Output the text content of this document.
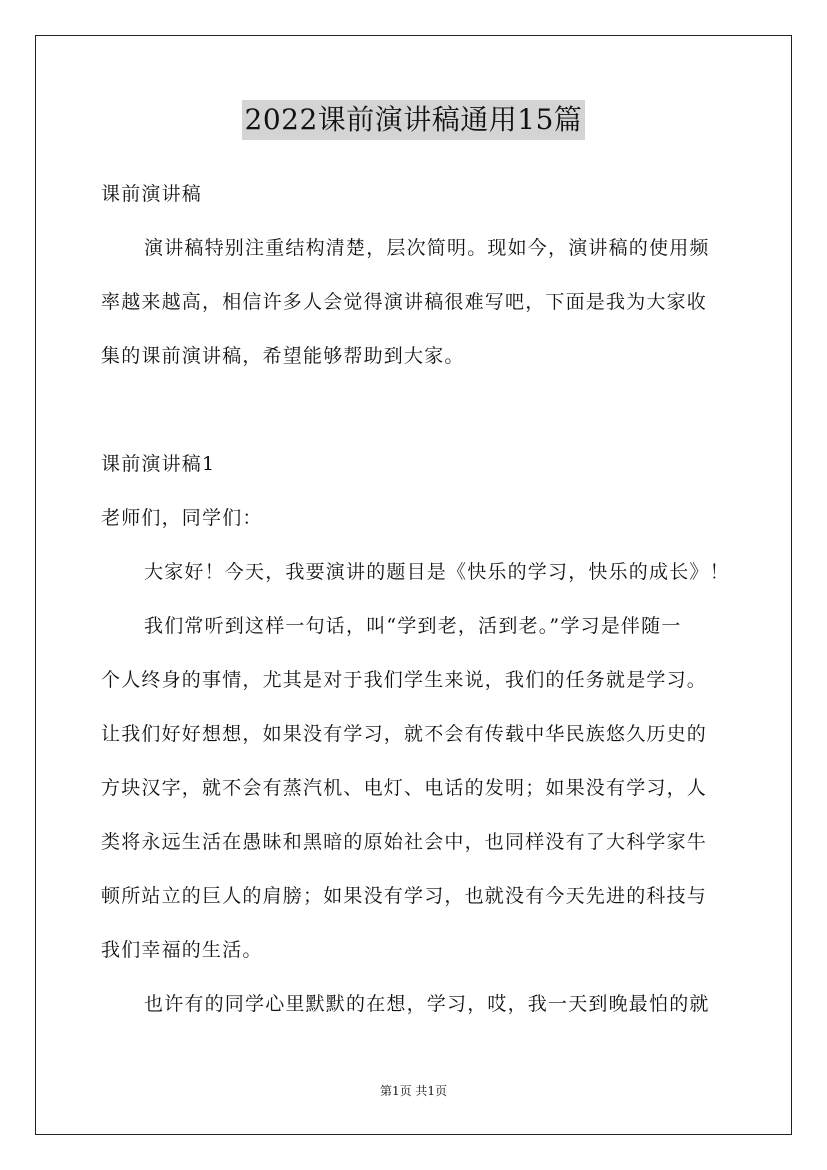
2022课前演讲稿通用15篇
课前演讲稿
演讲稿特别注重结构清楚，层次简明。现如今，演讲稿的使用频
率越来越高，相信许多人会觉得演讲稿很难写吧，下面是我为大家收
集的课前演讲稿，希望能够帮助到大家。
课前演讲稿1
老师们，同学们：
大家好！今天，我要演讲的题目是《快乐的学习，快乐的成长》！
我们常听到这样一句话，叫“学到老，活到老。”学习是伴随一
个人终身的事情，尤其是对于我们学生来说，我们的任务就是学习。
让我们好好想想，如果没有学习，就不会有传载中华民族悠久历史的
方块汉字，就不会有蒸汽机、电灯、电话的发明；如果没有学习，人
类将永远生活在愚昧和黑暗的原始社会中，也同样没有了大科学家牛
顿所站立的巨人的肩膀；如果没有学习，也就没有今天先进的科技与
我们幸福的生活。
也许有的同学心里默默的在想，学习，哎，我一天到晚最怕的就
第1页 共1页
